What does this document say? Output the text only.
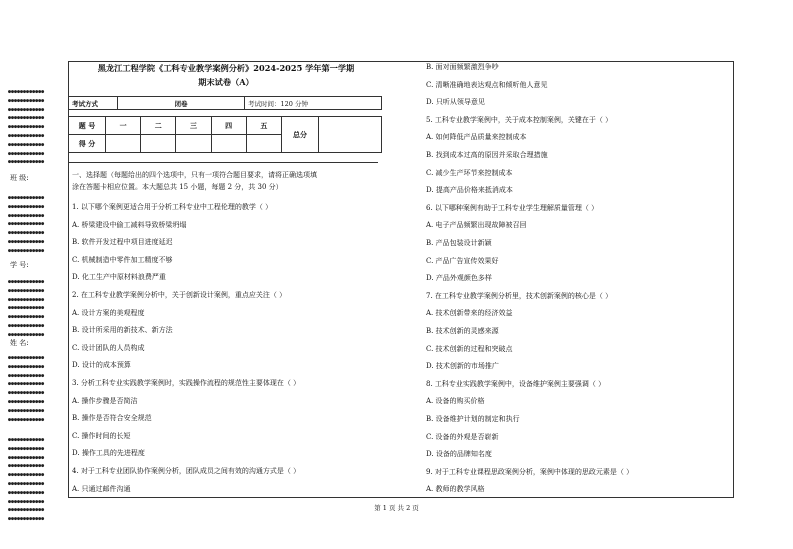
●●●●●●●●●●●●
●●●●●●●●●●●●
●●●●●●●●●●●●
●●●●●●●●●●●●
●●●●●●●●●●●●
●●●●●●●●●●●●
●●●●●●●●●●●●
●●●●●●●●●●●●
●●●●●●●●●●●●
●●●●●●●●●●●●
●●●●●●●●●●●●
●●●●●●●●●●●●
●●●●●●●●●●●●
●●●●●●●●●●●●
●●●●●●●●●●●●
●●●●●●●●●●●●
●●●●●●●●●●●●
●●●●●●●●●●●●
●●●●●●●●●●●●
●●●●●●●●●●●●
●●●●●●●●●●●●
●●●●●●●●●●●●
●●●●●●●●●●●●
●●●●●●●●●●●●
●●●●●●●●●●●●
●●●●●●●●●●●●
●●●●●●●●●●●●
●●●●●●●●●●●●
●●●●●●●●●●●●
●●●●●●●●●●●●
●●●●●●●●●●●●
●●●●●●●●●●●●
●●●●●●●●●●●●
●●●●●●●●●●●●
●●●●●●●●●●●●
●●●●●●●●●●●●
●●●●●●●●●●●●
●●●●●●●●●●●●
●●●●●●●●●●●●
●●●●●●●●●●●●
●●●●●●●●●●●●
班 级:
学 号:
姓 名:
黑龙江工程学院《工科专业教学案例分析》2024-2025 学年第一学期
期末试卷（A）
考试方式	闭卷	考试时间：120 分钟
题 号	一	二	三	四	五	总分	
得 分							
一、选择题（每题给出的四个选项中，只有一项符合题目要求，请将正确选项填
涂在答题卡相应位置。本大题总共 15 小题，每题 2 分，共 30 分）
1. 以下哪个案例更适合用于分析工科专业中工程伦理的教学（ ）
A. 桥梁建设中偷工减料导致桥梁坍塌
B. 软件开发过程中项目进度延迟
C. 机械制造中零件加工精度不够
D. 化工生产中原材料浪费严重
2. 在工科专业教学案例分析中，关于创新设计案例，重点应关注（ ）
A. 设计方案的美观程度
B. 设计所采用的新技术、新方法
C. 设计团队的人员构成
D. 设计的成本预算
3. 分析工科专业实践教学案例时，实践操作流程的规范性主要体现在（ ）
A. 操作步骤是否简洁
B. 操作是否符合安全规范
C. 操作时间的长短
D. 操作工具的先进程度
4. 对于工科专业团队协作案例分析，团队成员之间有效的沟通方式是（ ）
A. 只通过邮件沟通
B. 面对面频繁激烈争吵
C. 清晰准确地表达观点和倾听他人意见
D. 只听从领导意见
5. 工科专业教学案例中，关于成本控制案例，关键在于（ ）
A. 如何降低产品质量来控制成本
B. 找到成本过高的原因并采取合理措施
C. 减少生产环节来控制成本
D. 提高产品价格来抵消成本
6. 以下哪种案例有助于工科专业学生理解质量管理（ ）
A. 电子产品频繁出现故障被召回
B. 产品包装设计新颖
C. 产品广告宣传效果好
D. 产品外观颜色多样
7. 在工科专业教学案例分析里，技术创新案例的核心是（ ）
A. 技术创新带来的经济效益
B. 技术创新的灵感来源
C. 技术创新的过程和突破点
D. 技术创新的市场推广
8. 工科专业实践教学案例中，设备维护案例主要强调（ ）
A. 设备的购买价格
B. 设备维护计划的制定和执行
C. 设备的外观是否崭新
D. 设备的品牌知名度
9. 对于工科专业课程思政案例分析，案例中体现的思政元素是（ ）
A. 教师的教学风格
第 1 页 共 2 页
